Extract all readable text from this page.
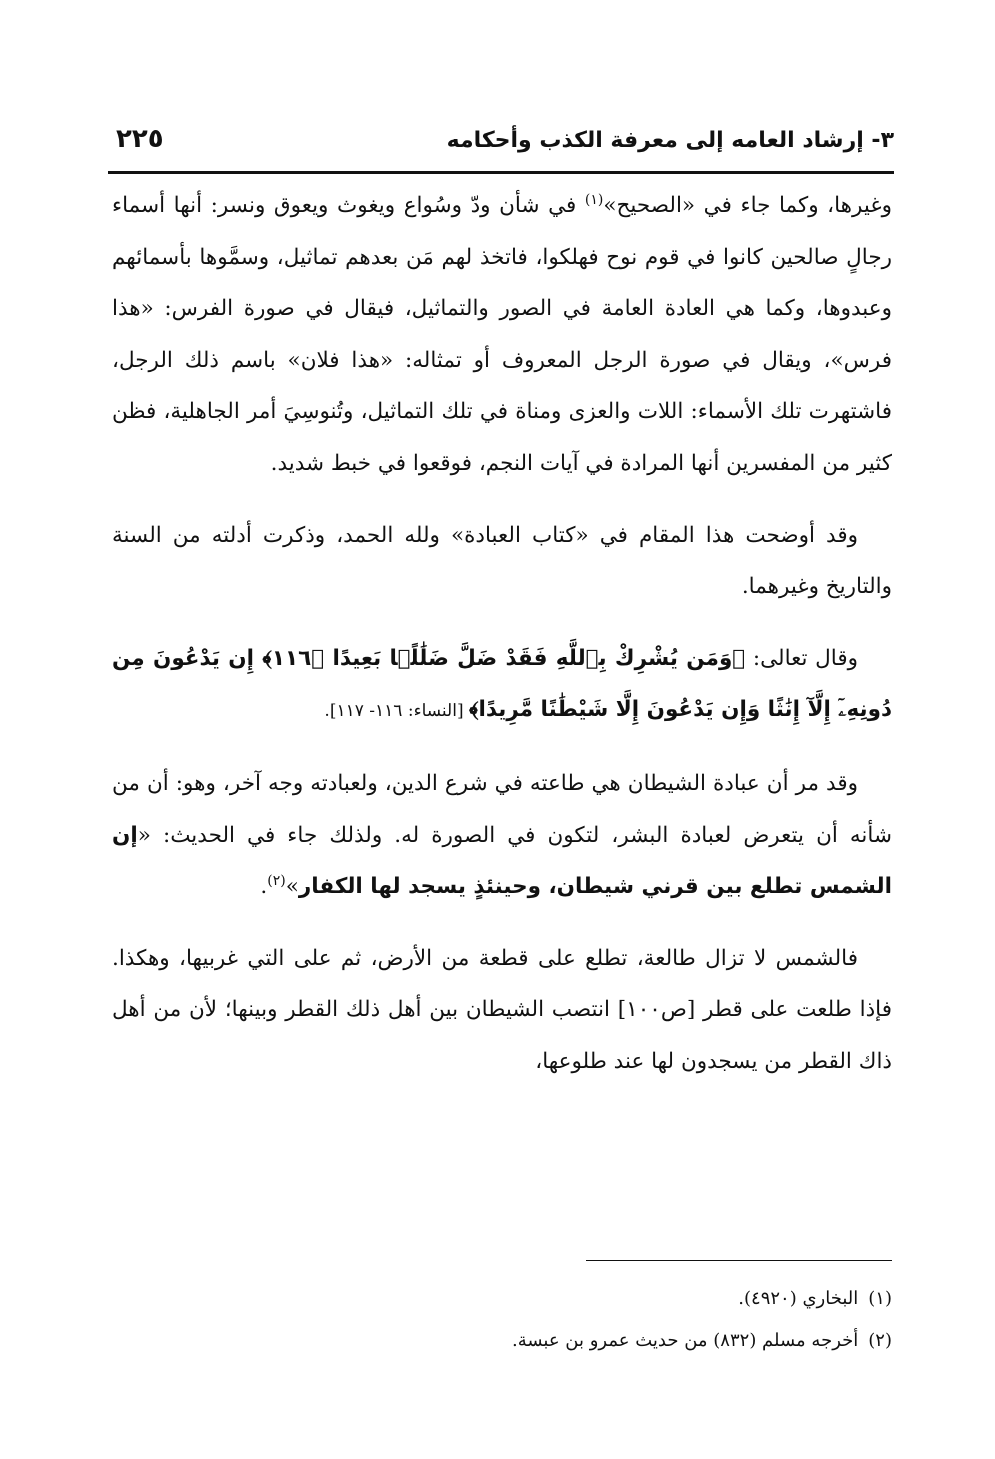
٣- إرشاد العامه إلى معرفة الكذب وأحكامه
٢٢٥

وغيرها، وكما جاء في «الصحيح»$^{(١)}$ في شأن ودّ وسُواع ويغوث ويعوق ونسر: أنها أسماء رجالٍ صالحين كانوا في قوم نوح فهلكوا، فاتخذ لهم مَن بعدهم تماثيل، وسمَّوها بأسمائهم وعبدوها، وكما هي العادة العامة في الصور والتماثيل، فيقال في صورة الفرس: «هذا فرس»، ويقال في صورة الرجل المعروف أو تمثاله: «هذا فلان» باسم ذلك الرجل، فاشتهرت تلك الأسماء: اللات والعزى ومناة في تلك التماثيل، وتُنوسِيَ أمر الجاهلية، فظن كثير من المفسرين أنها المرادة في آيات النجم، فوقعوا في خبط شديد.

وقد أوضحت هذا المقام في «كتاب العبادة» ولله الحمد، وذكرت أدلته من السنة والتاريخ وغيرهما.

وقال تعالى: ﴿وَمَن يُشْرِكْ بِٱللَّهِ فَقَدْ ضَلَّ ضَلَٰلًۢا بَعِيدًا ﴿١١٦﴾ إِن يَدْعُونَ مِن دُونِهِۦٓ إِلَّآ إِنَٰثًا وَإِن يَدْعُونَ إِلَّا شَيْطَٰنًا مَّرِيدًا﴾ [النساء: ١١٦- ١١٧].

وقد مر أن عبادة الشيطان هي طاعته في شرع الدين، ولعبادته وجه آخر، وهو: أن من شأنه أن يتعرض لعبادة البشر، لتكون في الصورة له. ولذلك جاء في الحديث: «إن الشمس تطلع بين قرني شيطان، وحينئذٍ يسجد لها الكفار»$^{(٢)}$.

فالشمس لا تزال طالعة، تطلع على قطعة من الأرض، ثم على التي غربيها، وهكذا. فإذا طلعت على قطر [ص١٠٠] انتصب الشيطان بين أهل ذلك القطر وبينها؛ لأن من أهل ذاك القطر من يسجدون لها عند طلوعها،

(١)البخاري (٤٩٢٠).
(٢)أخرجه مسلم (٨٣٢) من حديث عمرو بن عبسة.
